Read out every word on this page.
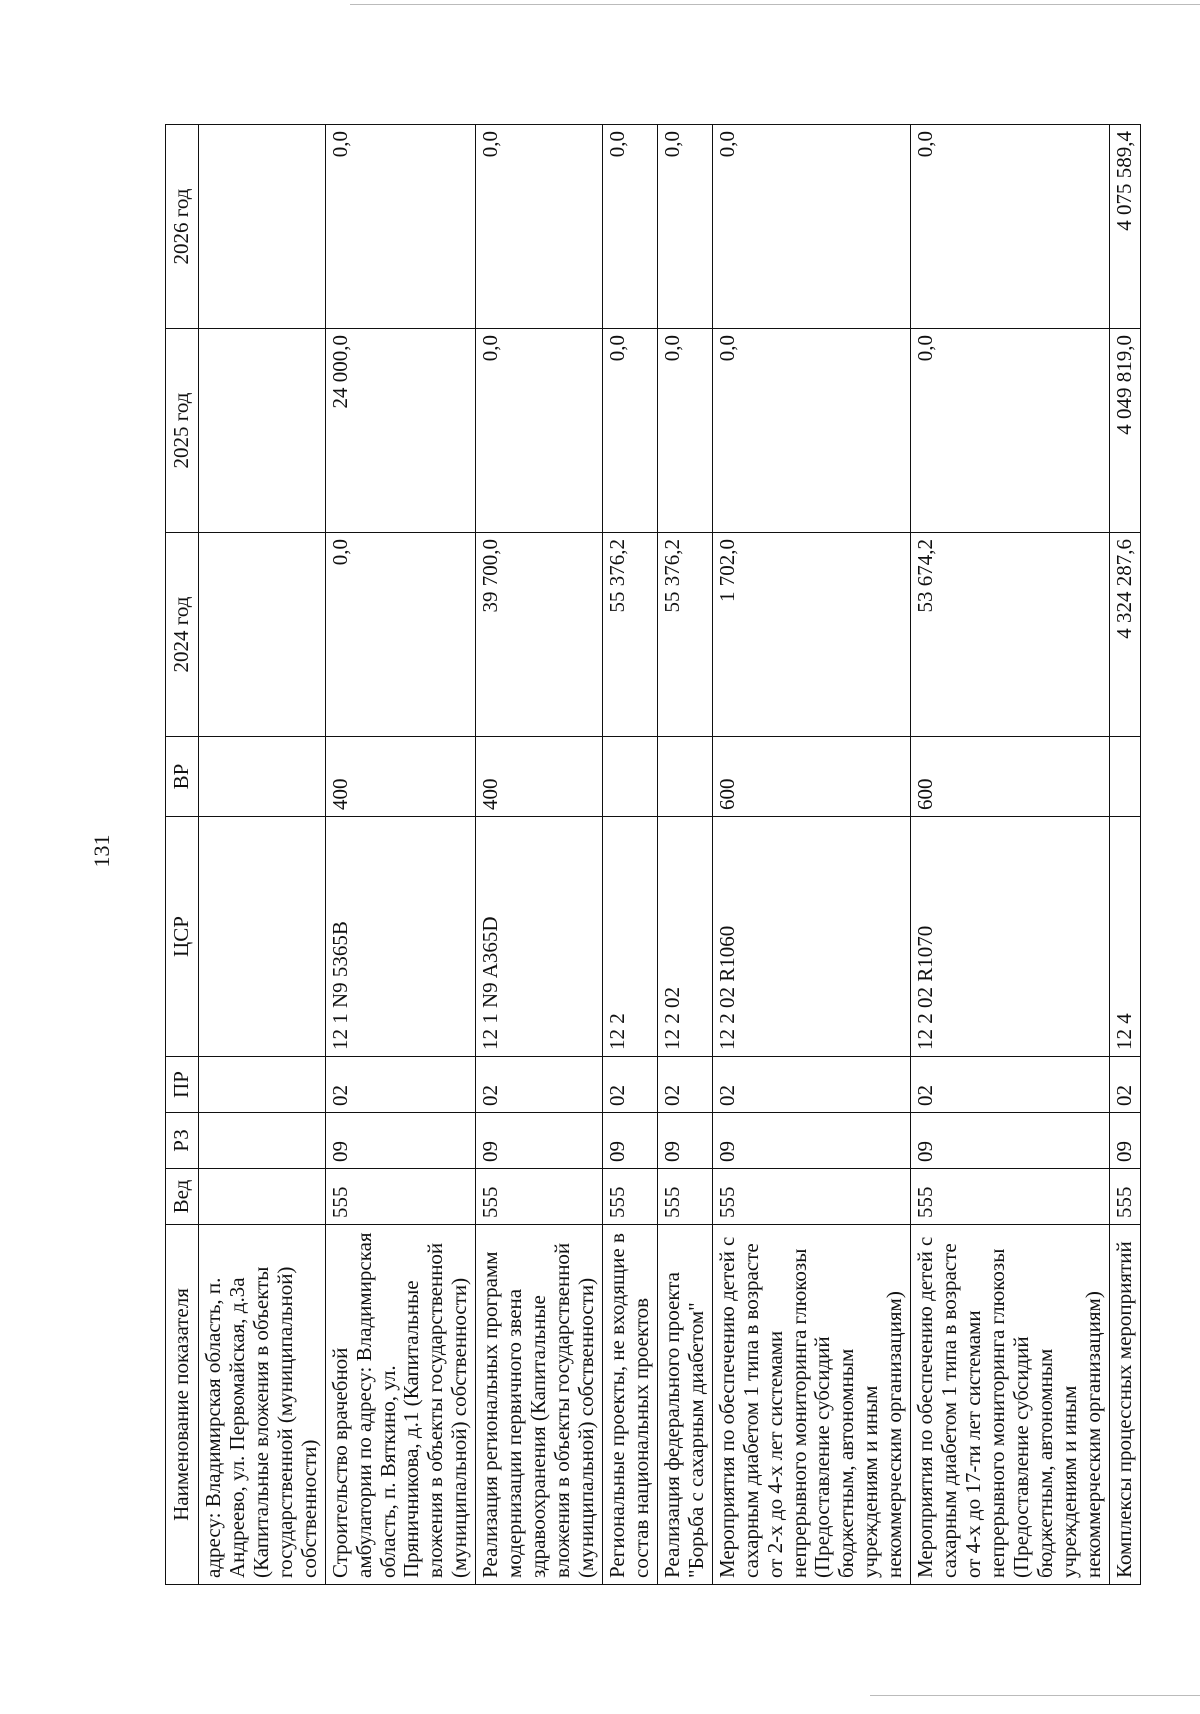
131
Наименование показателя	Вед	РЗ	ПР	ЦСР	ВР	2024 год	2025 год	2026 год
адресу: Владимирская область, п. Андреево, ул. Первомайская, д.3а (Капитальные вложения в объекты государственной (муниципальной) собственности)								
Строительство врачебной амбулатории по адресу: Владимирская область, п. Вяткино, ул. Пряничникова, д.1 (Капитальные вложения в объекты государственной (муниципальной) собственности)	555	09	02	12 1 N9 5365B	400	0,0	24 000,0	0,0
Реализация региональных программ модернизации первичного звена здравоохранения (Капитальные вложения в объекты государственной (муниципальной) собственности)	555	09	02	12 1 N9 A365D	400	39 700,0	0,0	0,0
Региональные проекты, не входящие в состав национальных проектов	555	09	02	12 2		55 376,2	0,0	0,0
Реализация федерального проекта "Борьба с сахарным диабетом"	555	09	02	12 2 02		55 376,2	0,0	0,0
Мероприятия по обеспечению детей с сахарным диабетом 1 типа в возрасте от 2-х до 4-х лет системами непрерывного мониторинга глюкозы (Предоставление субсидий бюджетным, автономным учреждениям и иным некоммерческим организациям)	555	09	02	12 2 02 R1060	600	1 702,0	0,0	0,0
Мероприятия по обеспечению детей с сахарным диабетом 1 типа в возрасте от 4-х до 17-ти лет системами непрерывного мониторинга глюкозы (Предоставление субсидий бюджетным, автономным учреждениям и иным некоммерческим организациям)	555	09	02	12 2 02 R1070	600	53 674,2	0,0	0,0
Комплексы процессных мероприятий	555	09	02	12 4		4 324 287,6	4 049 819,0	4 075 589,4
